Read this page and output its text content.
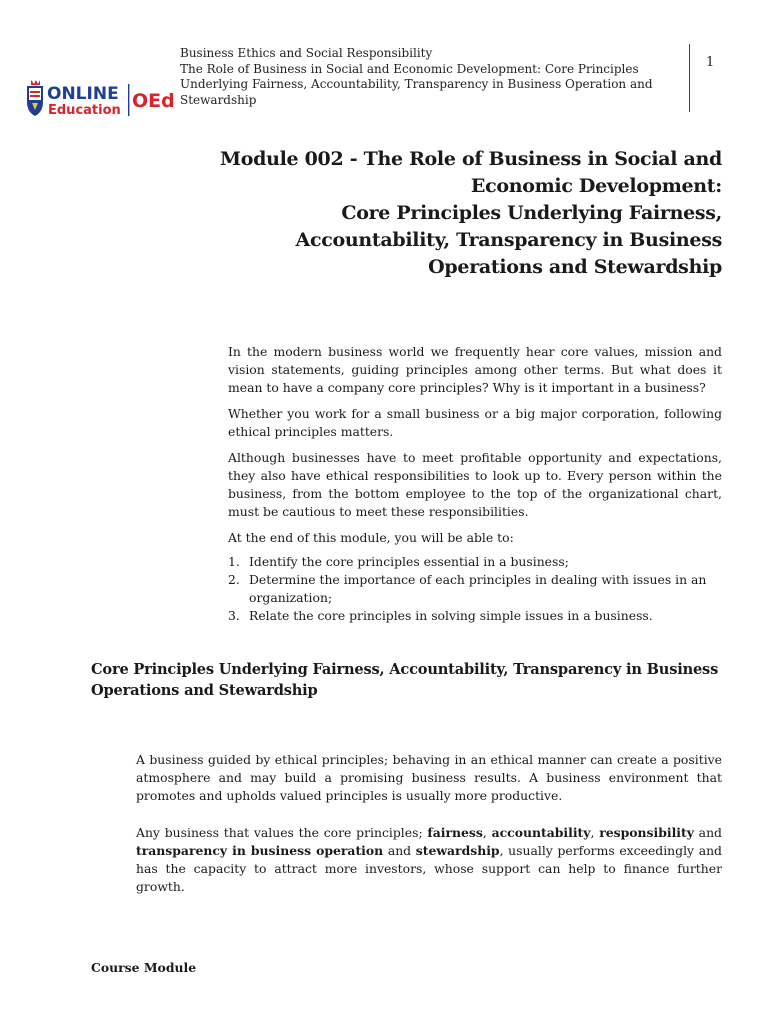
ONLINE
Education OEd
Business Ethics and Social Responsibility
The Role of Business in Social and Economic Development: Core Principles
Underlying Fairness, Accountability, Transparency in Business Operation and
Stewardship
1
Module 002 - The Role of Business in Social and
Economic Development:
Core Principles Underlying Fairness,
Accountability, Transparency in Business
Operations and Stewardship

In the modern business world we frequently hear core values, mission and vision statements, guiding principles among other terms. But what does it mean to have a company core principles? Why is it important in a business?

Whether you work for a small business or a big major corporation, following ethical principles matters.

Although businesses have to meet profitable opportunity and expectations, they also have ethical responsibilities to look up to. Every person within the business, from the bottom employee to the top of the organizational chart, must be cautious to meet these responsibilities.

At the end of this module, you will be able to:

1. Identify the core principles essential in a business;
2. Determine the importance of each principles in dealing with issues in an organization;
3. Relate the core principles in solving simple issues in a business.
Core Principles Underlying Fairness, Accountability, Transparency in Business Operations and Stewardship

A business guided by ethical principles; behaving in an ethical manner can create a positive atmosphere and may build a promising business results. A business environment that promotes and upholds valued principles is usually more productive.

Any business that values the core principles; fairness, accountability, responsibility and transparency in business operation and stewardship, usually performs exceedingly and has the capacity to attract more investors, whose support can help to finance further growth.

Course Module
